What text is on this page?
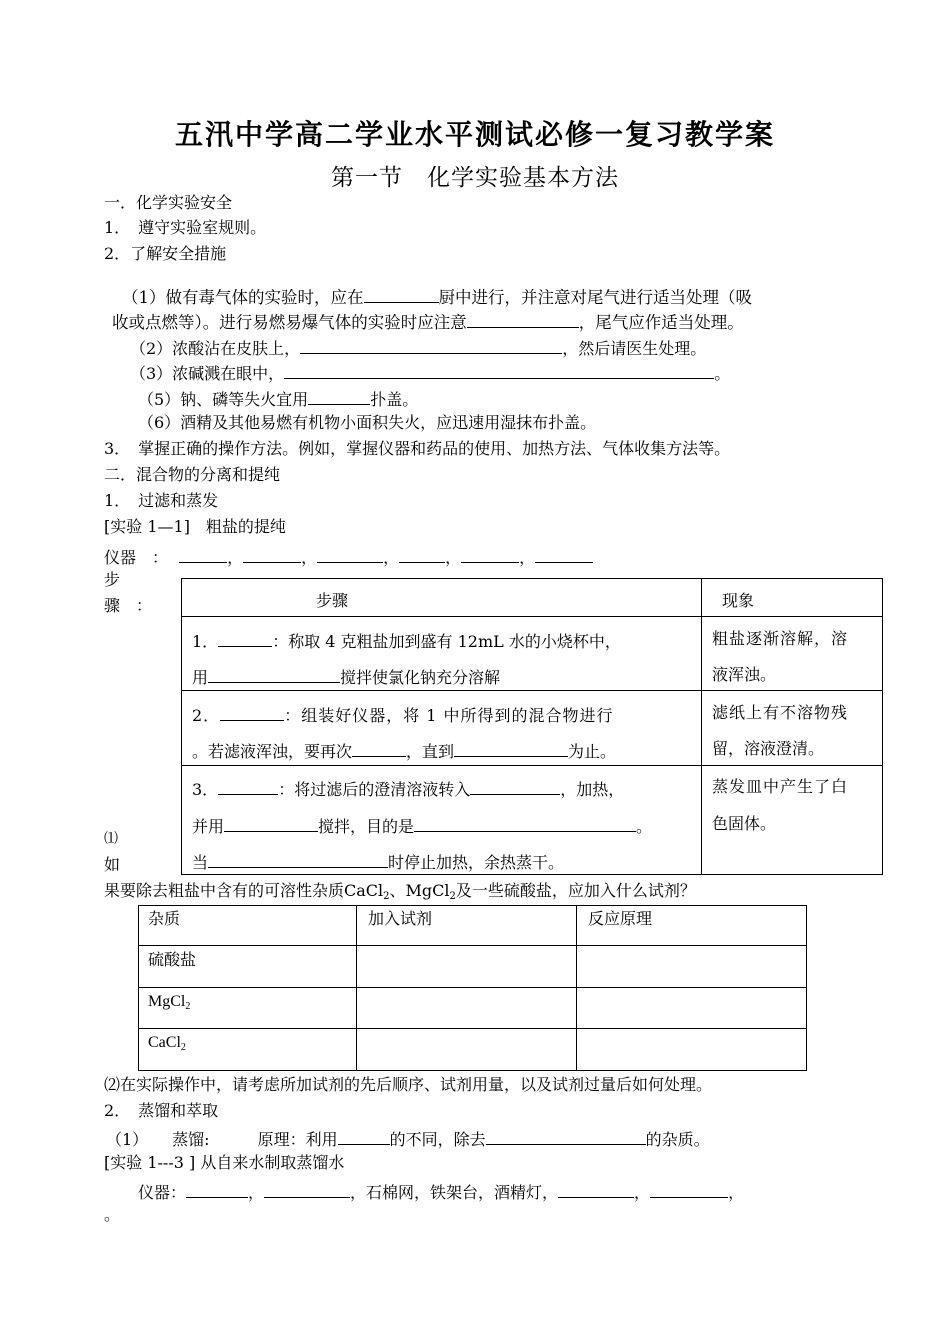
五汛中学高二学业水平测试必修一复习教学案
第一节　化学实验基本方法
一．化学实验安全
1．　遵守实验室规则。
2．了解安全措施
（1）做有毒气体的实验时，应在	厨中进行，并注意对尾气进行适当处理（吸
收或点燃等）。进行易燃易爆气体的实验时应注意	，尾气应作适当处理。
（2）浓酸沾在皮肤上，	，然后请医生处理。
（3）浓碱溅在眼中，	。
（5）钠、磷等失火宜用	扑盖。
（6）酒精及其他易燃有机物小面积失火，应迅速用湿抹布扑盖。
3．　掌握正确的操作方法。例如，掌握仪器和药品的使用、加热方法、气体收集方法等。
二．混合物的分离和提纯
1．　过滤和蒸发
[实验 1—1]　粗盐的提纯
仪器　：	，	，	，	，	，
步
骤　：	步骤	现象
1．	：称取 4 克粗盐加到盛有 12mL 水的小烧杯中，
用	搅拌使氯化钠充分溶解
粗盐逐渐溶解，溶
液浑浊。
2．	：组装好仪器，将 1 中所得到的混合物进行
。若滤液浑浊，要再次	，直到	为止。
滤纸上有不溶物残
留，溶液澄清。
3．	：将过滤后的澄清溶液转入	，加热，
并用	搅拌，目的是	。
当	时停止加热，余热蒸干。
蒸发皿中产生了白
色固体。
⑴
如
果要除去粗盐中含有的可溶性杂质CaCl$_2$、MgCl$_2$及一些硫酸盐，应加入什么试剂？
杂质	加入试剂	反应原理
硫酸盐
MgCl$_2$
CaCl$_2$
⑵在实际操作中，请考虑所加试剂的先后顺序、试剂用量，以及试剂过量后如何处理。
2．　蒸馏和萃取
（1）　　蒸馏:　　　原理：利用	的不同，除去	的杂质。
[实验 1---3 ] 从自来水制取蒸馏水
仪器：	，	，石棉网，铁架台，酒精灯，	，	，
。
